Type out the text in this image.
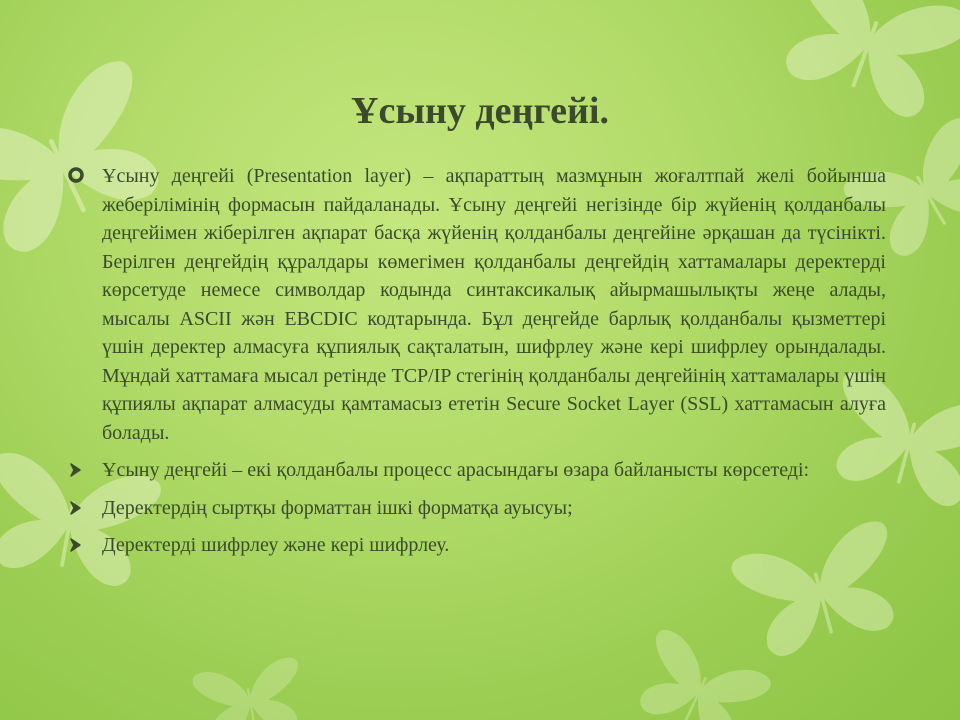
Ұсыну деңгейі.
Ұсыну деңгейі (Presentation layer) – ақпараттың мазмұнын жоғалтпай желі бойынша жеберілімінің формасын пайдаланады. Ұсыну деңгейі негізінде бір жүйенің қолданбалы деңгейімен жіберілген ақпарат басқа жүйенің қолданбалы деңгейіне әрқашан да түсінікті. Берілген деңгейдің құралдары көмегімен қолданбалы деңгейдің хаттамалары деректерді көрсетуде немесе символдар кодында синтаксикалық айырмашылықты жеңе алады, мысалы ASCII жән EBCDIC кодтарында. Бұл деңгейде барлық қолданбалы қызметтері үшін деректер алмасуға құпиялық сақталатын, шифрлеу және кері шифрлеу орындалады. Мұндай хаттамаға мысал ретінде TCP/IP стегінің қолданбалы деңгейінің хаттамалары үшін құпиялы ақпарат алмасуды қамтамасыз ететін Secure Socket Layer (SSL) хаттамасын алуға болады.
Ұсыну деңгейі – екі қолданбалы процесс арасындағы өзара байланысты көрсетеді:
Деректердің сыртқы форматтан ішкі форматқа ауысуы;
Деректерді шифрлеу және кері шифрлеу.
